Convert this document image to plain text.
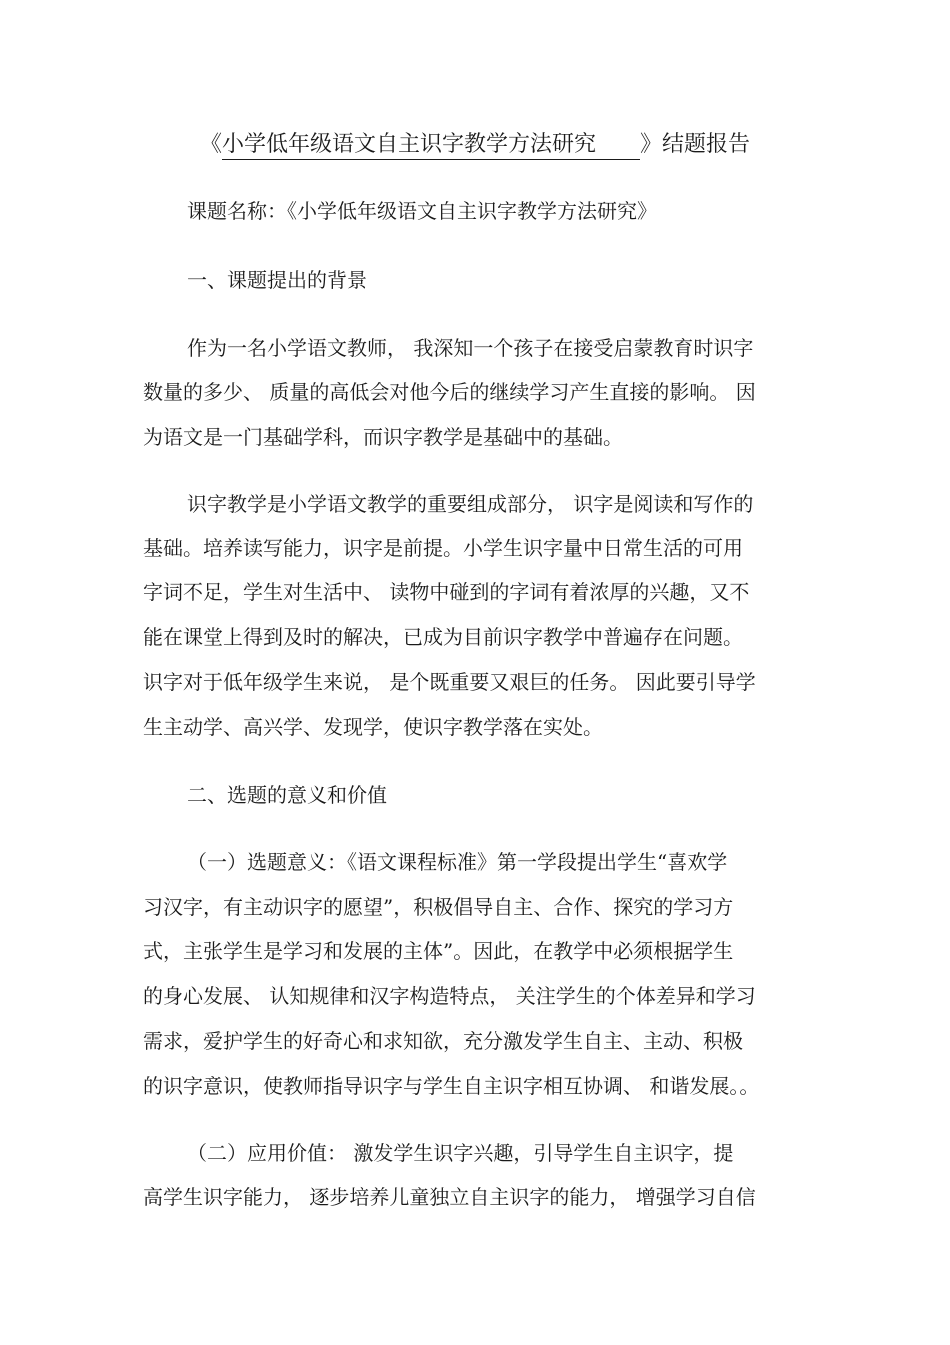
《小学低年级语文自主识字教学方法研究 》结题报告
课题名称：《小学低年级语文自主识字教学方法研究》
一、课题提出的背景
作为一名小学语文教师， 我深知一个孩子在接受启蒙教育时识字
数量的多少、 质量的高低会对他今后的继续学习产生直接的影响。 因
为语文是一门基础学科，而识字教学是基础中的基础。
识字教学是小学语文教学的重要组成部分， 识字是阅读和写作的
基础。培养读写能力，识字是前提。小学生识字量中日常生活的可用
字词不足，学生对生活中、 读物中碰到的字词有着浓厚的兴趣，又不
能在课堂上得到及时的解决，已成为目前识字教学中普遍存在问题。
识字对于低年级学生来说， 是个既重要又艰巨的任务。 因此要引导学
生主动学、高兴学、发现学，使识字教学落在实处。
二、选题的意义和价值
（一）选题意义：《语文课程标准》第一学段提出学生“喜欢学
习汉字，有主动识字的愿望”，积极倡导自主、合作、探究的学习方
式，主张学生是学习和发展的主体”。因此，在教学中必须根据学生
的身心发展、 认知规律和汉字构造特点， 关注学生的个体差异和学习
需求，爱护学生的好奇心和求知欲，充分激发学生自主、主动、积极
的识字意识，使教师指导识字与学生自主识字相互协调、 和谐发展。。
（二）应用价值： 激发学生识字兴趣，引导学生自主识字，提
高学生识字能力， 逐步培养儿童独立自主识字的能力， 增强学习自信
